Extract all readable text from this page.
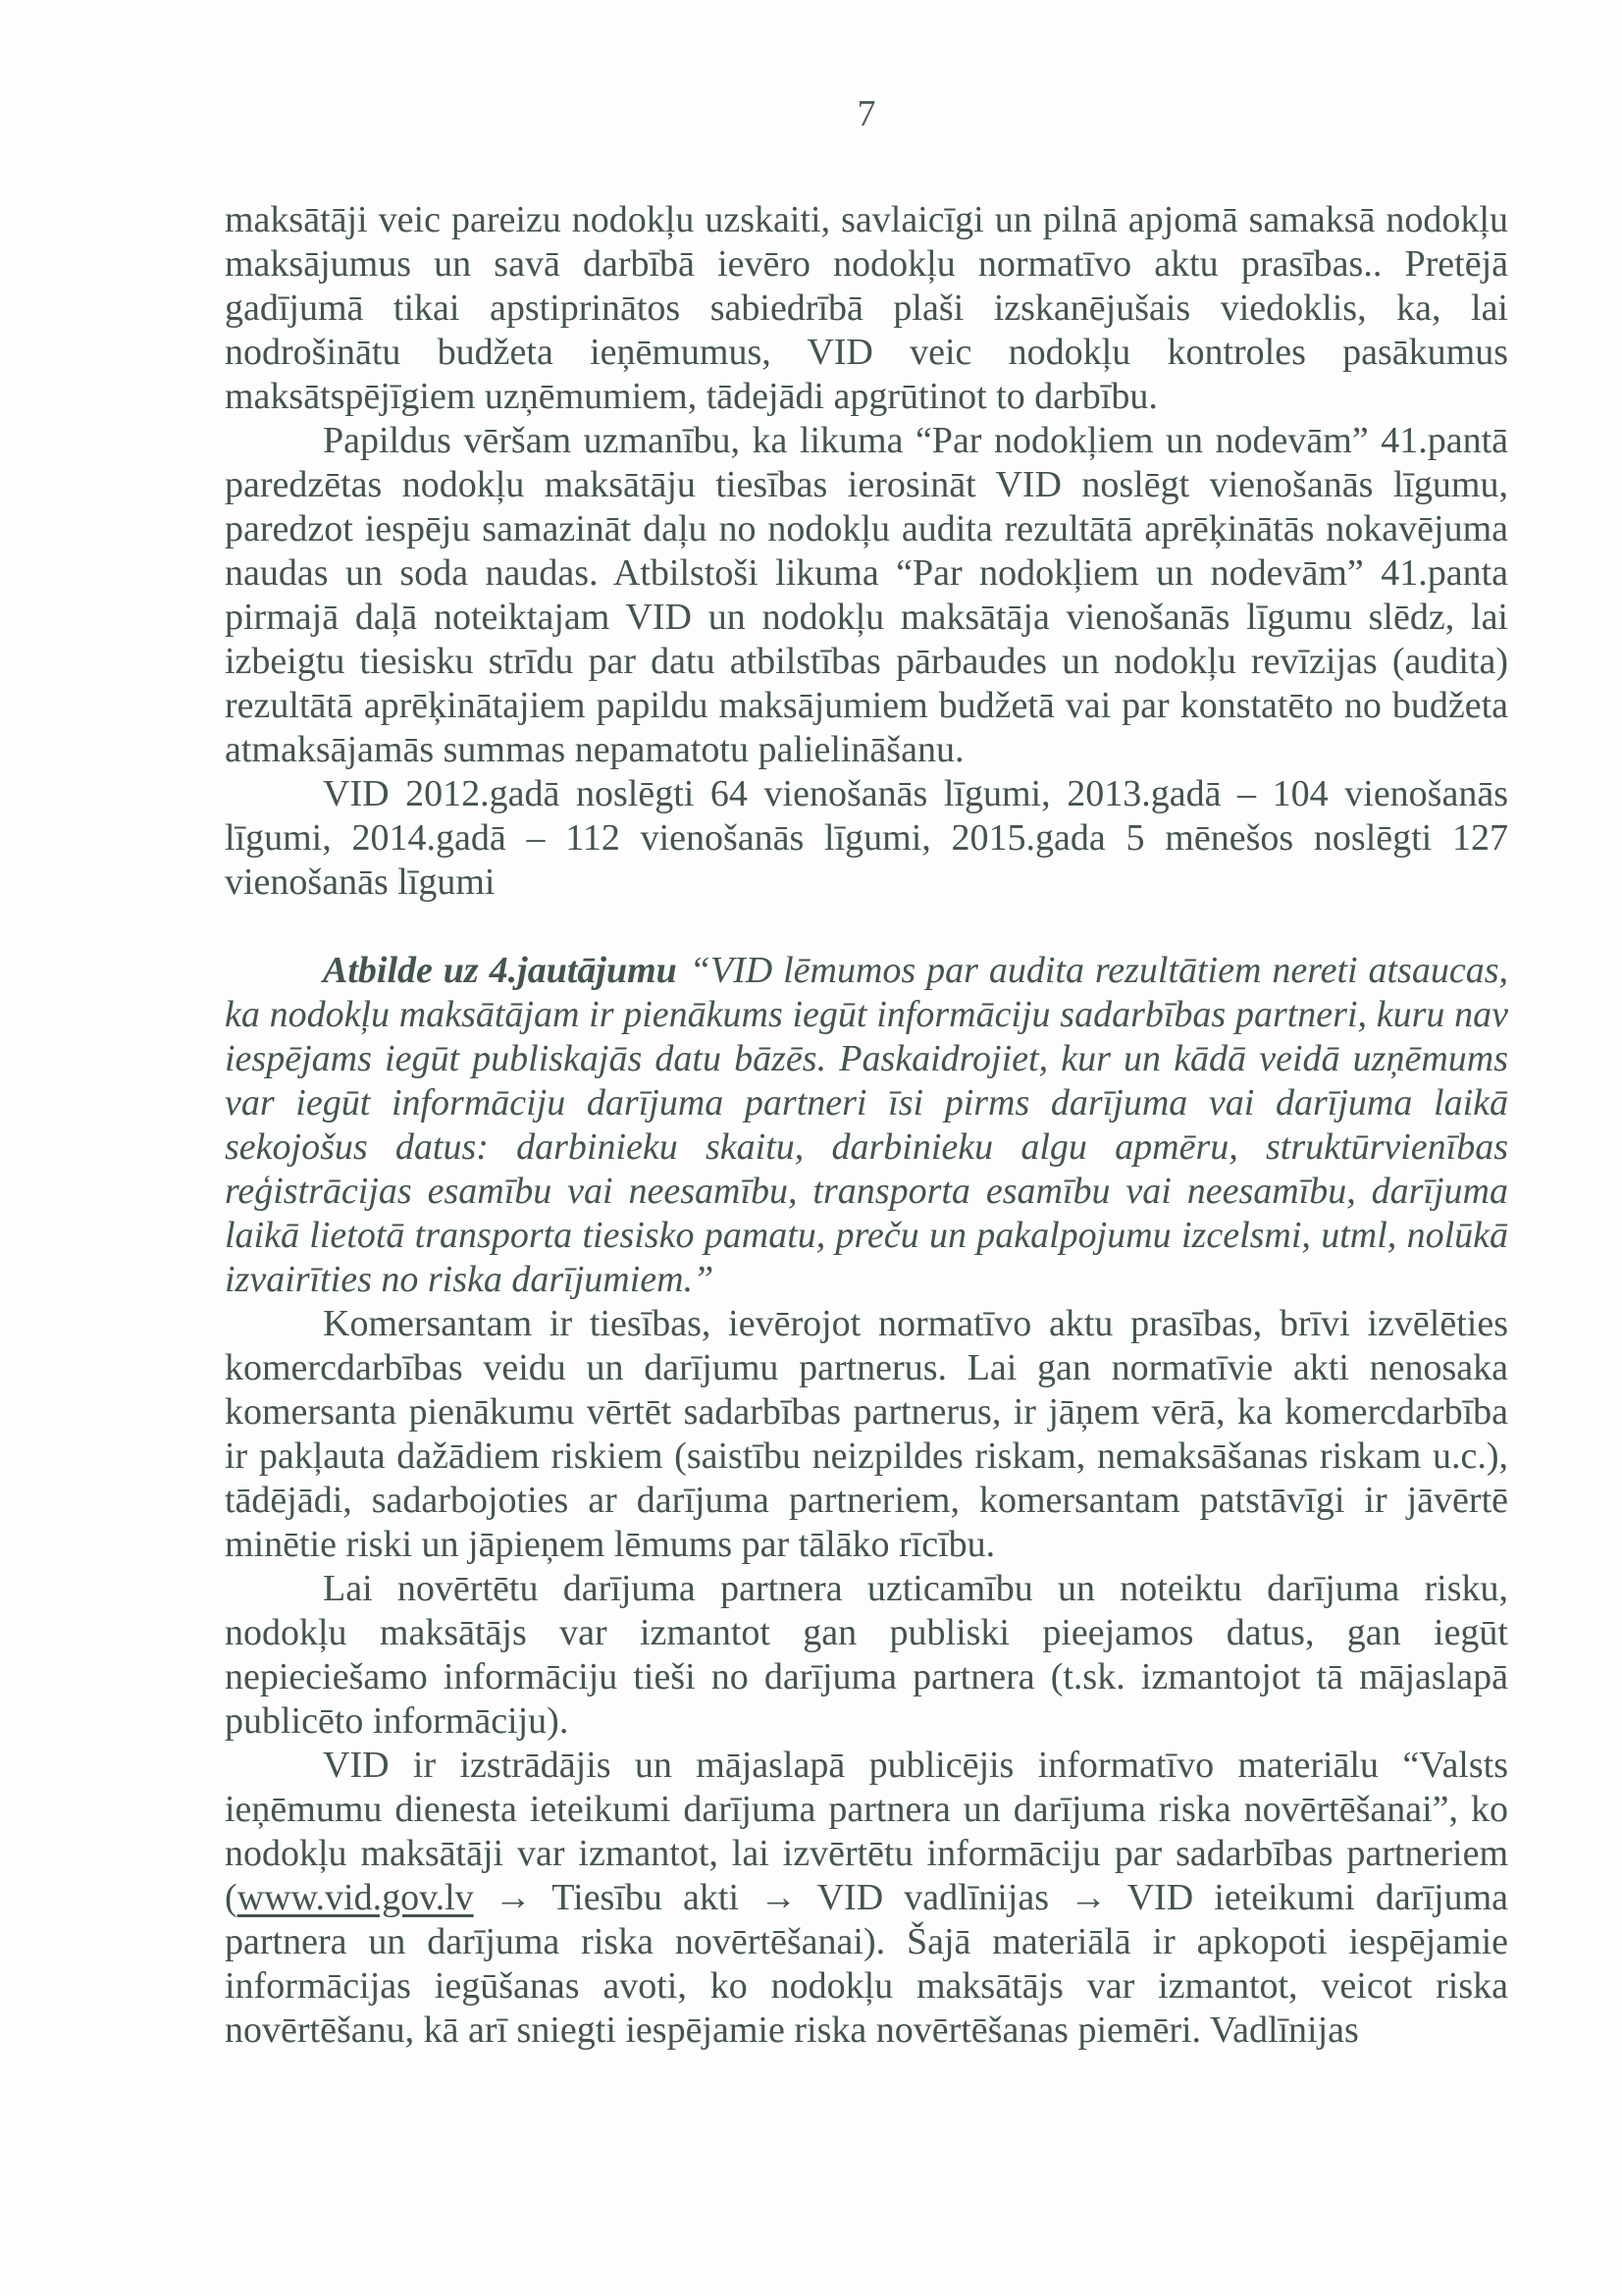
7

maksātāji veic pareizu nodokļu uzskaiti, savlaicīgi un pilnā apjomā samaksā nodokļu maksājumus un savā darbībā ievēro nodokļu normatīvo aktu prasības.. Pretējā gadījumā tikai apstiprinātos sabiedrībā plaši izskanējušais viedoklis, ka, lai nodrošinātu budžeta ieņēmumus, VID veic nodokļu kontroles pasākumus maksātspējīgiem uzņēmumiem, tādejādi apgrūtinot to darbību.

Papildus vēršam uzmanību, ka likuma “Par nodokļiem un nodevām” 41.pantā paredzētas nodokļu maksātāju tiesības ierosināt VID noslēgt vienošanās līgumu, paredzot iespēju samazināt daļu no nodokļu audita rezultātā aprēķinātās nokavējuma naudas un soda naudas. Atbilstoši likuma “Par nodokļiem un nodevām” 41.panta pirmajā daļā noteiktajam VID un nodokļu maksātāja vienošanās līgumu slēdz, lai izbeigtu tiesisku strīdu par datu atbilstības pārbaudes un nodokļu revīzijas (audita) rezultātā aprēķinātajiem papildu maksājumiem budžetā vai par konstatēto no budžeta atmaksājamās summas nepamatotu palielināšanu.

VID 2012.gadā noslēgti 64 vienošanās līgumi, 2013.gadā – 104 vienošanās līgumi, 2014.gadā – 112 vienošanās līgumi, 2015.gada 5 mēnešos noslēgti 127 vienošanās līgumi

Atbilde uz 4.jautājumu “VID lēmumos par audita rezultātiem nereti atsaucas, ka nodokļu maksātājam ir pienākums iegūt informāciju sadarbības partneri, kuru nav iespējams iegūt publiskajās datu bāzēs. Paskaidrojiet, kur un kādā veidā uzņēmums var iegūt informāciju darījuma partneri īsi pirms darījuma vai darījuma laikā sekojošus datus: darbinieku skaitu, darbinieku algu apmēru, struktūrvienības reģistrācijas esamību vai neesamību, transporta esamību vai neesamību, darījuma laikā lietotā transporta tiesisko pamatu, preču un pakalpojumu izcelsmi, utml, nolūkā izvairīties no riska darījumiem.”

Komersantam ir tiesības, ievērojot normatīvo aktu prasības, brīvi izvēlēties komercdarbības veidu un darījumu partnerus. Lai gan normatīvie akti nenosaka komersanta pienākumu vērtēt sadarbības partnerus, ir jāņem vērā, ka komercdarbība ir pakļauta dažādiem riskiem (saistību neizpildes riskam, nemaksāšanas riskam u.c.), tādējādi, sadarbojoties ar darījuma partneriem, komersantam patstāvīgi ir jāvērtē minētie riski un jāpieņem lēmums par tālāko rīcību.

Lai novērtētu darījuma partnera uzticamību un noteiktu darījuma risku, nodokļu maksātājs var izmantot gan publiski pieejamos datus, gan iegūt nepieciešamo informāciju tieši no darījuma partnera (t.sk. izmantojot tā mājaslapā publicēto informāciju).

VID ir izstrādājis un mājaslapā publicējis informatīvo materiālu “Valsts ieņēmumu dienesta ieteikumi darījuma partnera un darījuma riska novērtēšanai”, ko nodokļu maksātāji var izmantot, lai izvērtētu informāciju par sadarbības partneriem (www.vid.gov.lv → Tiesību akti → VID vadlīnijas → VID ieteikumi darījuma partnera un darījuma riska novērtēšanai). Šajā materiālā ir apkopoti iespējamie informācijas iegūšanas avoti, ko nodokļu maksātājs var izmantot, veicot riska novērtēšanu, kā arī sniegti iespējamie riska novērtēšanas piemēri. Vadlīnijas
